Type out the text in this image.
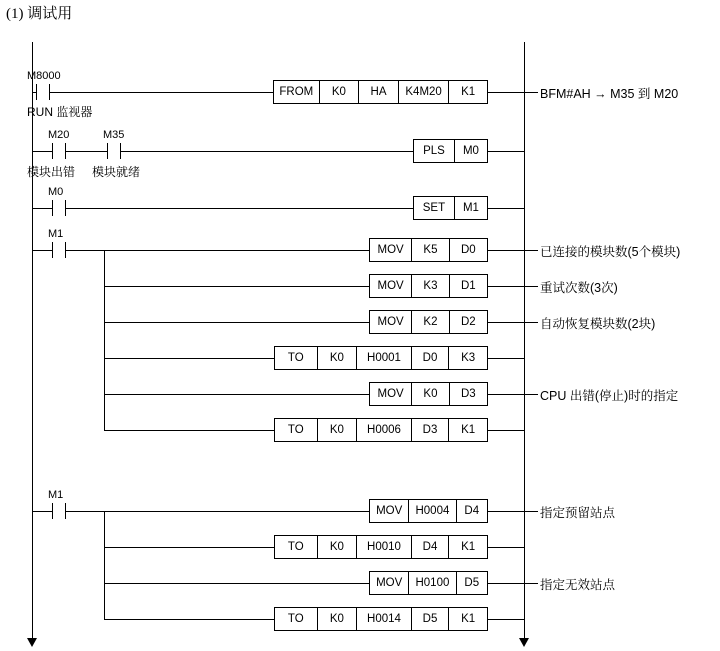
(1) 调试用
M8000
RUN 监视器
FROM	K0	HA	K4M20	K1	BFM#AH → M35 到 M20
M20	M35
模块出错 模块就绪
PLS	M0
M0
SET	M1
M1
MOV	K5	D0	已连接的模块数(5个模块)
MOV	K3	D1	重试次数(3次)
MOV	K2	D2	自动恢复模块数(2块)
TO	K0	H0001	D0	K3
MOV	K0	D3	CPU 出错(停止)时的指定
TO	K0	H0006	D3	K1
M1
MOV	H0004	D4	指定预留站点
TO	K0	H0010	D4	K1
MOV	H0100	D5	指定无效站点
TO	K0	H0014	D5	K1
